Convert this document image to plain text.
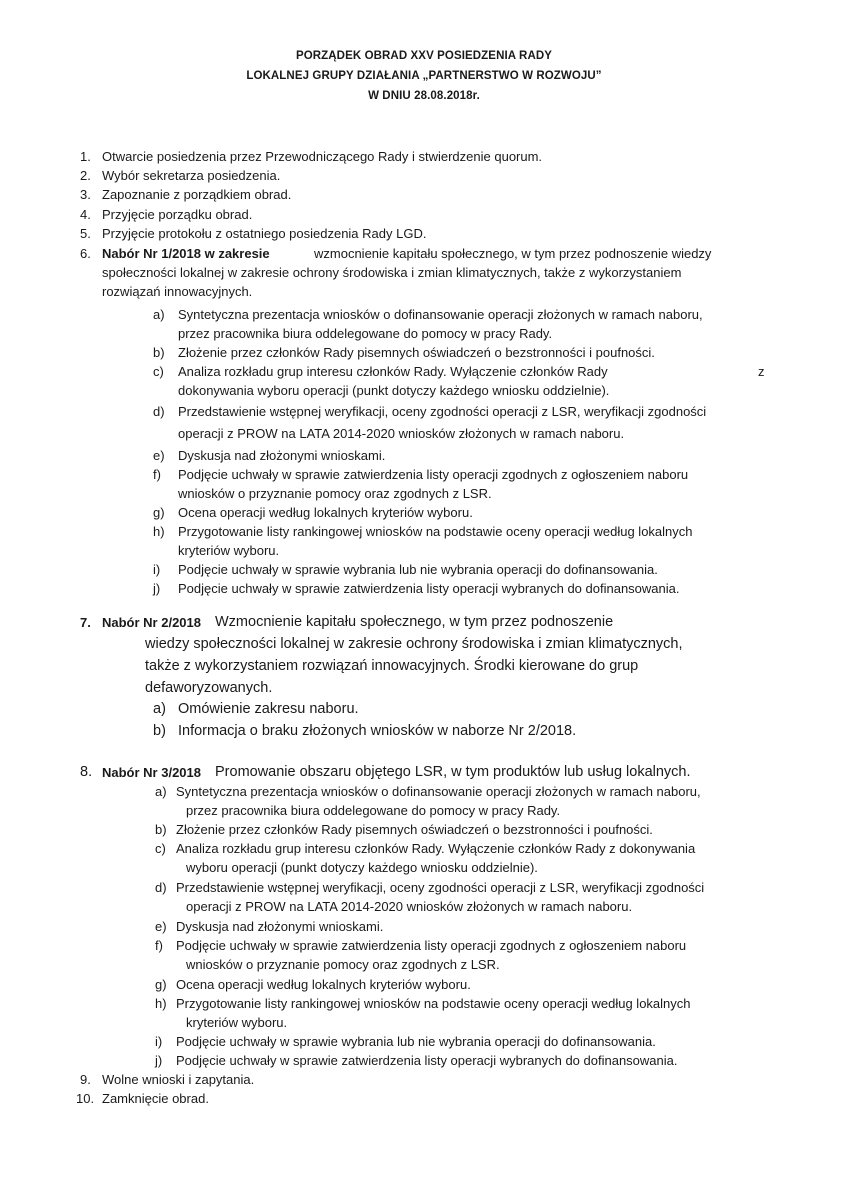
PORZĄDEK OBRAD XXV POSIEDZENIA RADY
LOKALNEJ GRUPY DZIAŁANIA „PARTNERSTWO W ROZWOJU”
W DNIU 28.08.2018r.
1. Otwarcie posiedzenia przez Przewodniczącego Rady i stwierdzenie quorum.
2. Wybór sekretarza posiedzenia.
3. Zapoznanie z porządkiem obrad.
4. Przyjęcie porządku obrad.
5. Przyjęcie protokołu z ostatniego posiedzenia Rady LGD.
6. Nabór Nr 1/2018 w zakresie	wzmocnienie kapitału społecznego, w tym przez podnoszenie wiedzy
społeczności lokalnej w zakresie ochrony środowiska i zmian klimatycznych, także z wykorzystaniem
rozwiązań innowacyjnych.
a) Syntetyczna prezentacja wniosków o dofinansowanie operacji złożonych w ramach naboru,
przez pracownika biura oddelegowane do pomocy w pracy Rady.
b) Złożenie przez członków Rady pisemnych oświadczeń o bezstronności i poufności.
c) Analiza rozkładu grup interesu członków Rady. Wyłączenie członków Rady	z
dokonywania wyboru operacji (punkt dotyczy każdego wniosku oddzielnie).
d) Przedstawienie wstępnej weryfikacji, oceny zgodności operacji z LSR, weryfikacji zgodności
operacji z PROW na LATA 2014-2020 wniosków złożonych w ramach naboru.
e) Dyskusja nad złożonymi wnioskami.
f) Podjęcie uchwały w sprawie zatwierdzenia listy operacji zgodnych z ogłoszeniem naboru
wniosków o przyznanie pomocy oraz zgodnych z LSR.
g) Ocena operacji według lokalnych kryteriów wyboru.
h) Przygotowanie listy rankingowej wniosków na podstawie oceny operacji według lokalnych
kryteriów wyboru.
i) Podjęcie uchwały w sprawie wybrania lub nie wybrania operacji do dofinansowania.
j) Podjęcie uchwały w sprawie zatwierdzenia listy operacji wybranych do dofinansowania.
7. Nabór Nr 2/2018 Wzmocnienie kapitału społecznego, w tym przez podnoszenie
wiedzy społeczności lokalnej w zakresie ochrony środowiska i zmian klimatycznych,
także z wykorzystaniem rozwiązań innowacyjnych. Środki kierowane do grup
defaworyzowanych.
a) Omówienie zakresu naboru.
b) Informacja o braku złożonych wniosków w naborze Nr 2/2018.
8. Nabór Nr 3/2018 Promowanie obszaru objętego LSR, w tym produktów lub usług lokalnych.
a) Syntetyczna prezentacja wniosków o dofinansowanie operacji złożonych w ramach naboru,
przez pracownika biura oddelegowane do pomocy w pracy Rady.
b) Złożenie przez członków Rady pisemnych oświadczeń o bezstronności i poufności.
c) Analiza rozkładu grup interesu członków Rady. Wyłączenie członków Rady z dokonywania
wyboru operacji (punkt dotyczy każdego wniosku oddzielnie).
d) Przedstawienie wstępnej weryfikacji, oceny zgodności operacji z LSR, weryfikacji zgodności
operacji z PROW na LATA 2014-2020 wniosków złożonych w ramach naboru.
e) Dyskusja nad złożonymi wnioskami.
f) Podjęcie uchwały w sprawie zatwierdzenia listy operacji zgodnych z ogłoszeniem naboru
wniosków o przyznanie pomocy oraz zgodnych z LSR.
g) Ocena operacji według lokalnych kryteriów wyboru.
h) Przygotowanie listy rankingowej wniosków na podstawie oceny operacji według lokalnych
kryteriów wyboru.
i) Podjęcie uchwały w sprawie wybrania lub nie wybrania operacji do dofinansowania.
j) Podjęcie uchwały w sprawie zatwierdzenia listy operacji wybranych do dofinansowania.
9. Wolne wnioski i zapytania.
10. Zamknięcie obrad.
